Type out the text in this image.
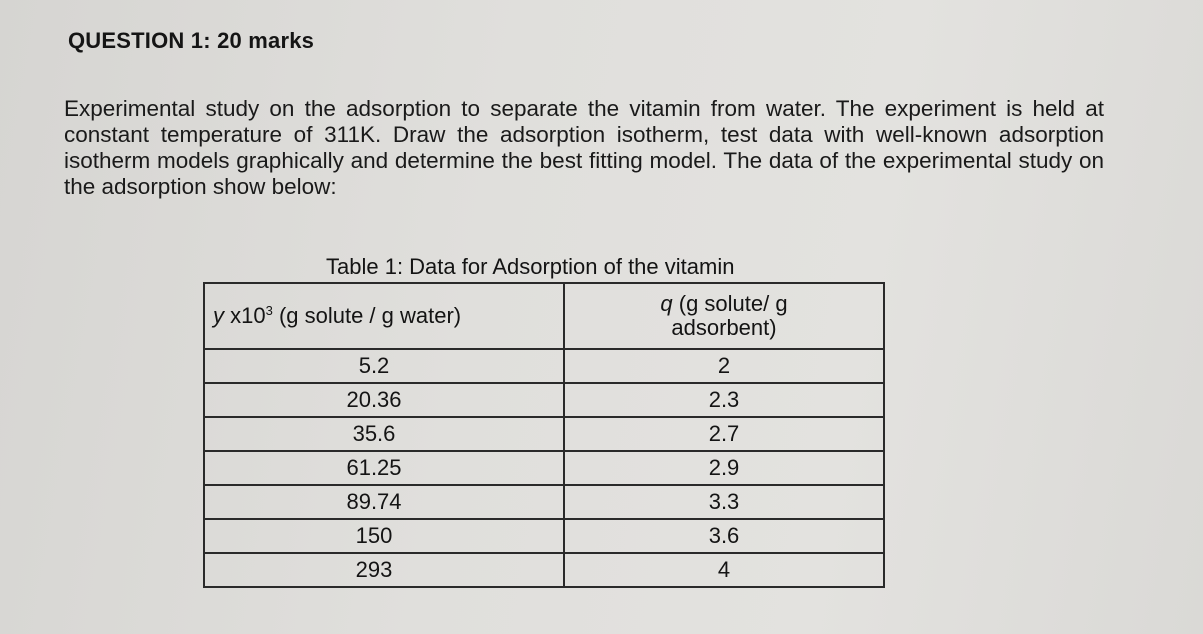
QUESTION 1: 20 marks
Experimental study on the adsorption to separate the vitamin from water. The experiment is held at constant temperature of 311K. Draw the adsorption isotherm, test data with well-known adsorption isotherm models graphically and determine the best fitting model. The data of the experimental study on the adsorption show below:
Table 1: Data for Adsorption of the vitamin
y $x10^3$ (g solute / g water)	q (g solute/ g
adsorbent)
5.2	2
20.36	2.3
35.6	2.7
61.25	2.9
89.74	3.3
150	3.6
293	4
